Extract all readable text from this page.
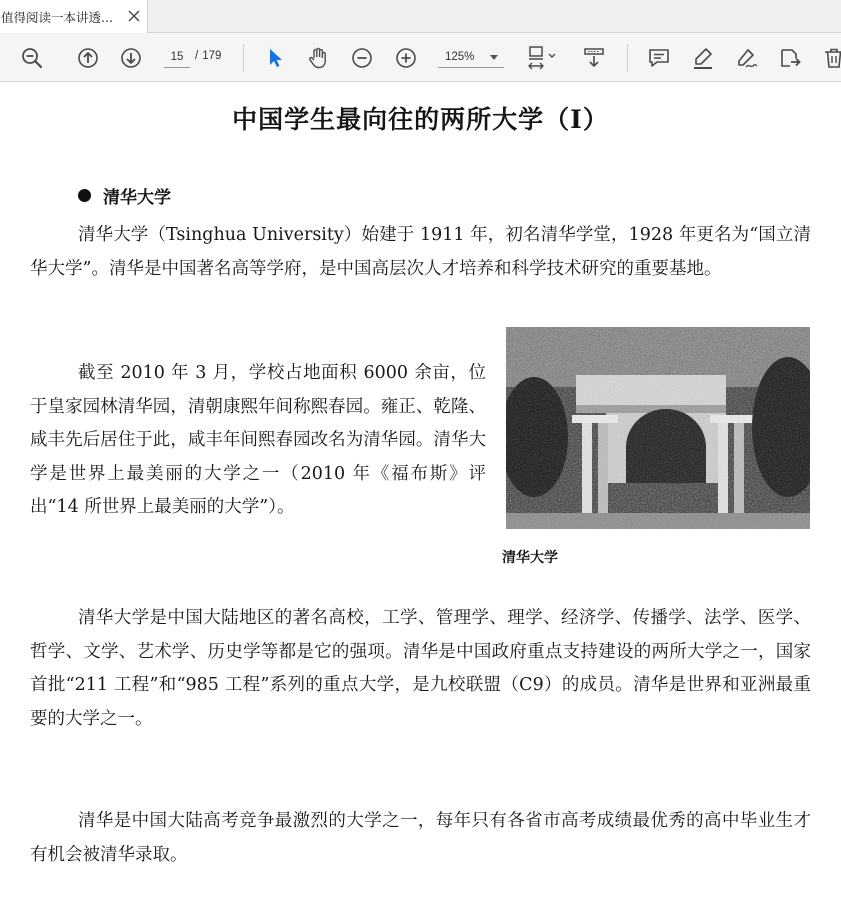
值得阅读一本讲透...
15
/ 179	125%
中国学生最向往的两所大学（Ⅰ）
清华大学

清华大学（Tsinghua University）始建于 1911 年，初名清华学堂，1928 年更名为“国立清华大学”。清华是中国著名高等学府，是中国高层次人才培养和科学技术研究的重要基地。

截至 2010 年 3 月，学校占地面积 6000 余亩，位于皇家园林清华园，清朝康熙年间称熙春园。雍正、乾隆、咸丰先后居住于此，咸丰年间熙春园改名为清华园。清华大学是世界上最美丽的大学之一（2010 年《福布斯》评出“14 所世界上最美丽的大学”）。

清华大学

清华大学是中国大陆地区的著名高校，工学、管理学、理学、经济学、传播学、法学、医学、哲学、文学、艺术学、历史学等都是它的强项。清华是中国政府重点支持建设的两所大学之一，国家首批“211 工程”和“985 工程”系列的重点大学，是九校联盟（C9）的成员。清华是世界和亚洲最重要的大学之一。

清华是中国大陆高考竞争最激烈的大学之一，每年只有各省市高考成绩最优秀的高中毕业生才有机会被清华录取。
